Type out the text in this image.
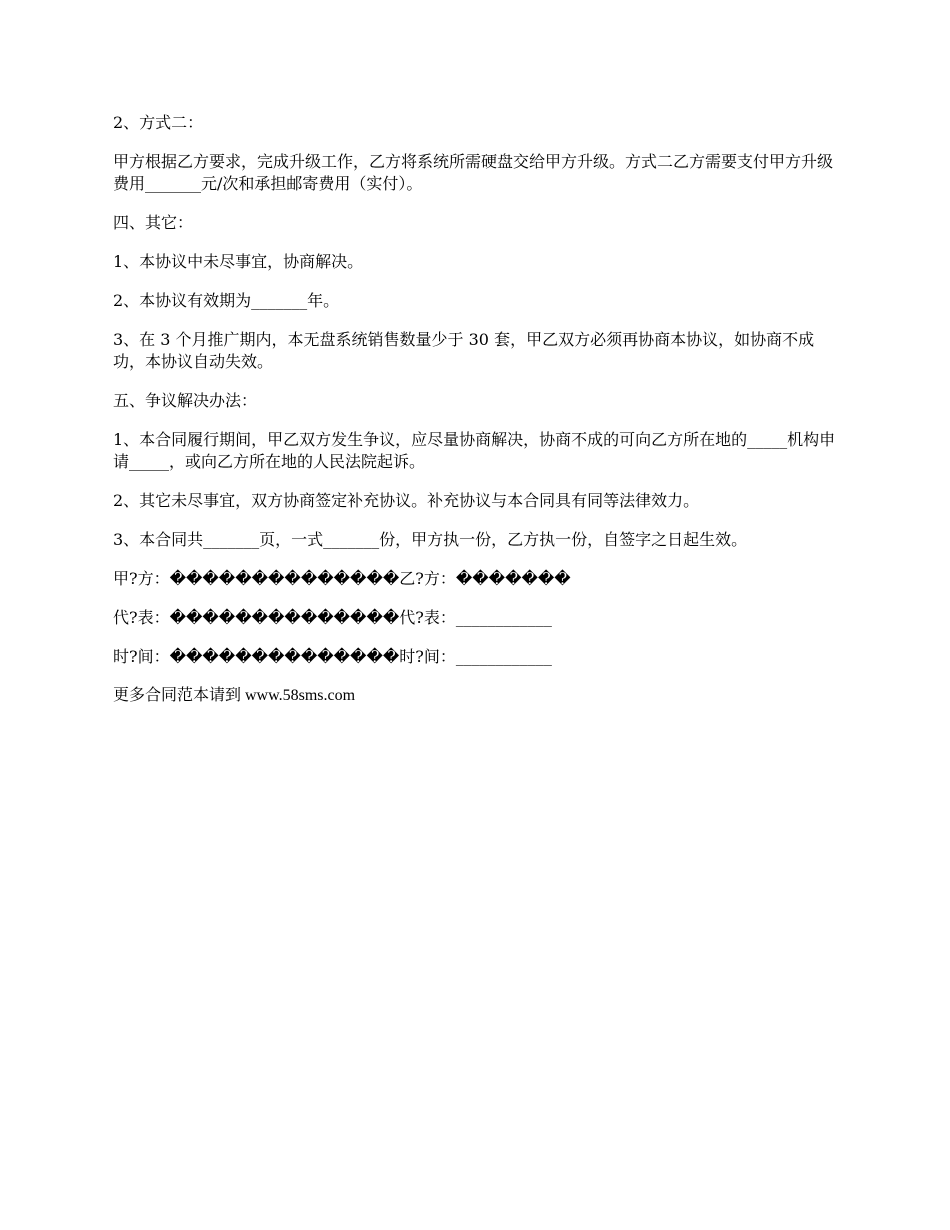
2、方式二：

甲方根据乙方要求，完成升级工作，乙方将系统所需硬盘交给甲方升级。方式二乙方需要支付甲方升级费用_______元/次和承担邮寄费用（实付）。

四、其它：

1、本协议中未尽事宜，协商解决。

2、本协议有效期为_______年。

3、在 3 个月推广期内，本无盘系统销售数量少于 30 套，甲乙双方必须再协商本协议，如协商不成功，本协议自动失效。

五、争议解决办法：

1、本合同履行期间，甲乙双方发生争议，应尽量协商解决，协商不成的可向乙方所在地的_____机构申请_____，或向乙方所在地的人民法院起诉。

2、其它未尽事宜，双方协商签定补充协议。补充协议与本合同具有同等法律效力。

3、本合同共_______页，一式_______份，甲方执一份，乙方执一份，自签字之日起生效。

甲?方：��������������乙?方：�������

代?表：��������������代?表：____________

时?间：��������������时?间：____________

更多合同范本请到 www.58sms.com
